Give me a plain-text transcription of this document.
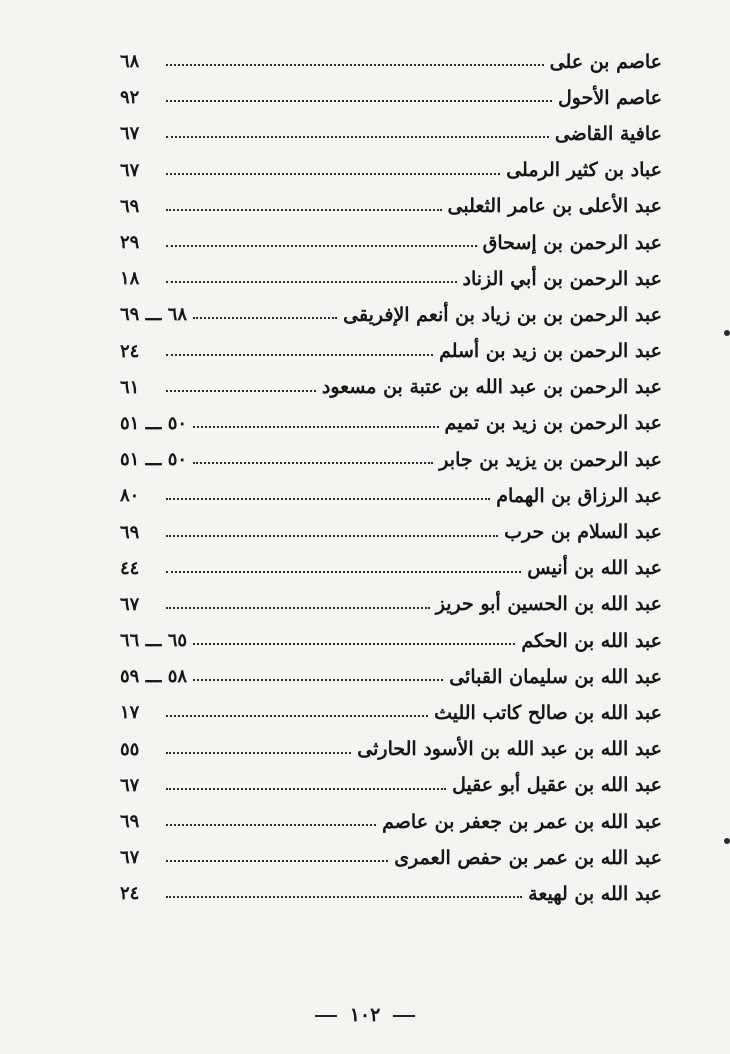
عاصم بن على
٦٨
عاصم الأحول
٩٢
عافية القاضى
٦٧
عباد بن كثير الرملى
٦٧
عبد الأعلى بن عامر الثعلبى
٦٩
عبد الرحمن بن إسحاق
٢٩
عبد الرحمن بن أبي الزناد
١٨
عبد الرحمن بن بن زياد بن أنعم الإفريقى
٦٨ ـــ ٦٩
عبد الرحمن بن زيد بن أسلم
٢٤
عبد الرحمن بن عبد الله بن عتبة بن مسعود
٦١
عبد الرحمن بن زيد بن تميم
٥٠ ـــ ٥١
عبد الرحمن بن يزيد بن جابر
٥٠ ـــ ٥١
عبد الرزاق بن الهمام
٨٠
عبد السلام بن حرب
٦٩
عبد الله بن أنيس
٤٤
عبد الله بن الحسين أبو حريز
٦٧
عبد الله بن الحكم
٦٥ ـــ ٦٦
عبد الله بن سليمان القبائى
٥٨ ـــ ٥٩
عبد الله بن صالح كاتب الليث
١٧
عبد الله بن عبد الله بن الأسود الحارثى
٥٥
عبد الله بن عقيل أبو عقيل
٦٧
عبد الله بن عمر بن جعفر بن عاصم
٦٩
عبد الله بن عمر بن حفص العمرى
٦٧
عبد الله بن لهيعة
٢٤
١٠٢
